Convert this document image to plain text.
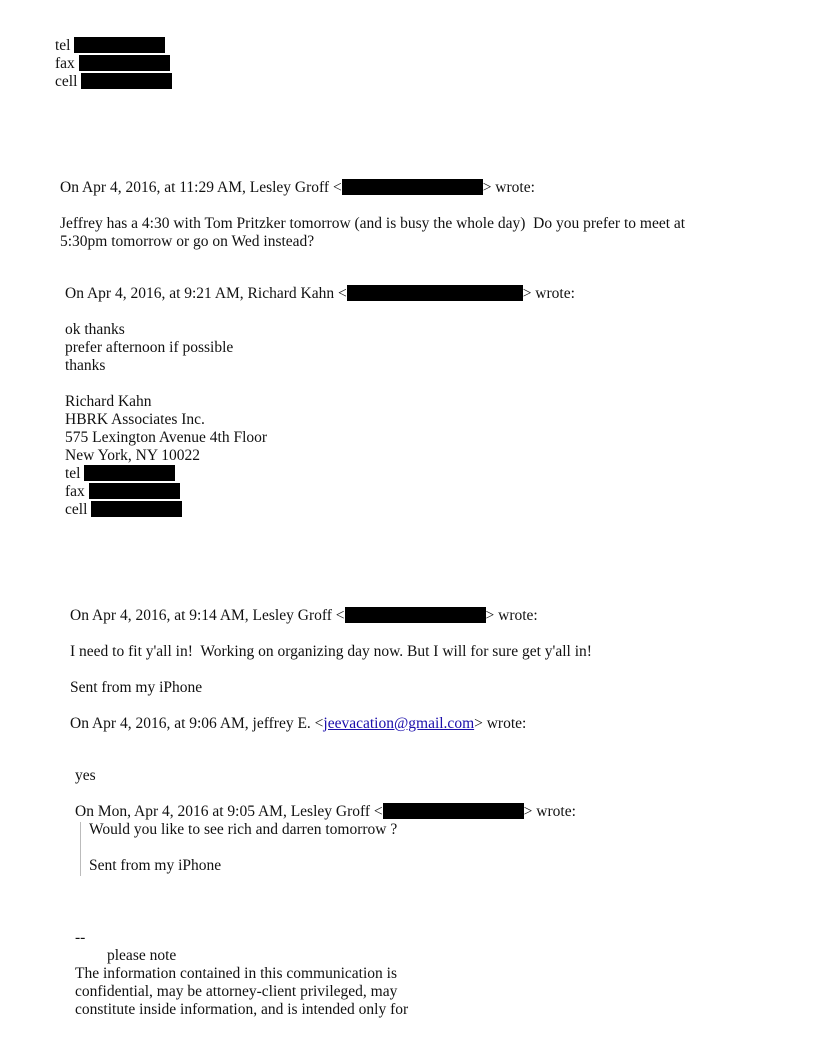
tel
fax
cell
On Apr 4, 2016, at 11:29 AM, Lesley Groff <	> wrote:
Jeffrey has a 4:30 with Tom Pritzker tomorrow (and is busy the whole day)  Do you prefer to meet at
5:30pm tomorrow or go on Wed instead?
On Apr 4, 2016, at 9:21 AM, Richard Kahn <	> wrote:
ok thanks
prefer afternoon if possible
thanks
Richard Kahn
HBRK Associates Inc.
575 Lexington Avenue 4th Floor
New York, NY 10022
tel
fax
cell
On Apr 4, 2016, at 9:14 AM, Lesley Groff <	> wrote:
I need to fit y'all in!  Working on organizing day now. But I will for sure get y'all in!
Sent from my iPhone
On Apr 4, 2016, at 9:06 AM, jeffrey E. <jeevacation@gmail.com> wrote:
yes
On Mon, Apr 4, 2016 at 9:05 AM, Lesley Groff <	> wrote:
Would you like to see rich and darren tomorrow ?
Sent from my iPhone
--
please note
The information contained in this communication is
confidential, may be attorney-client privileged, may
constitute inside information, and is intended only for
